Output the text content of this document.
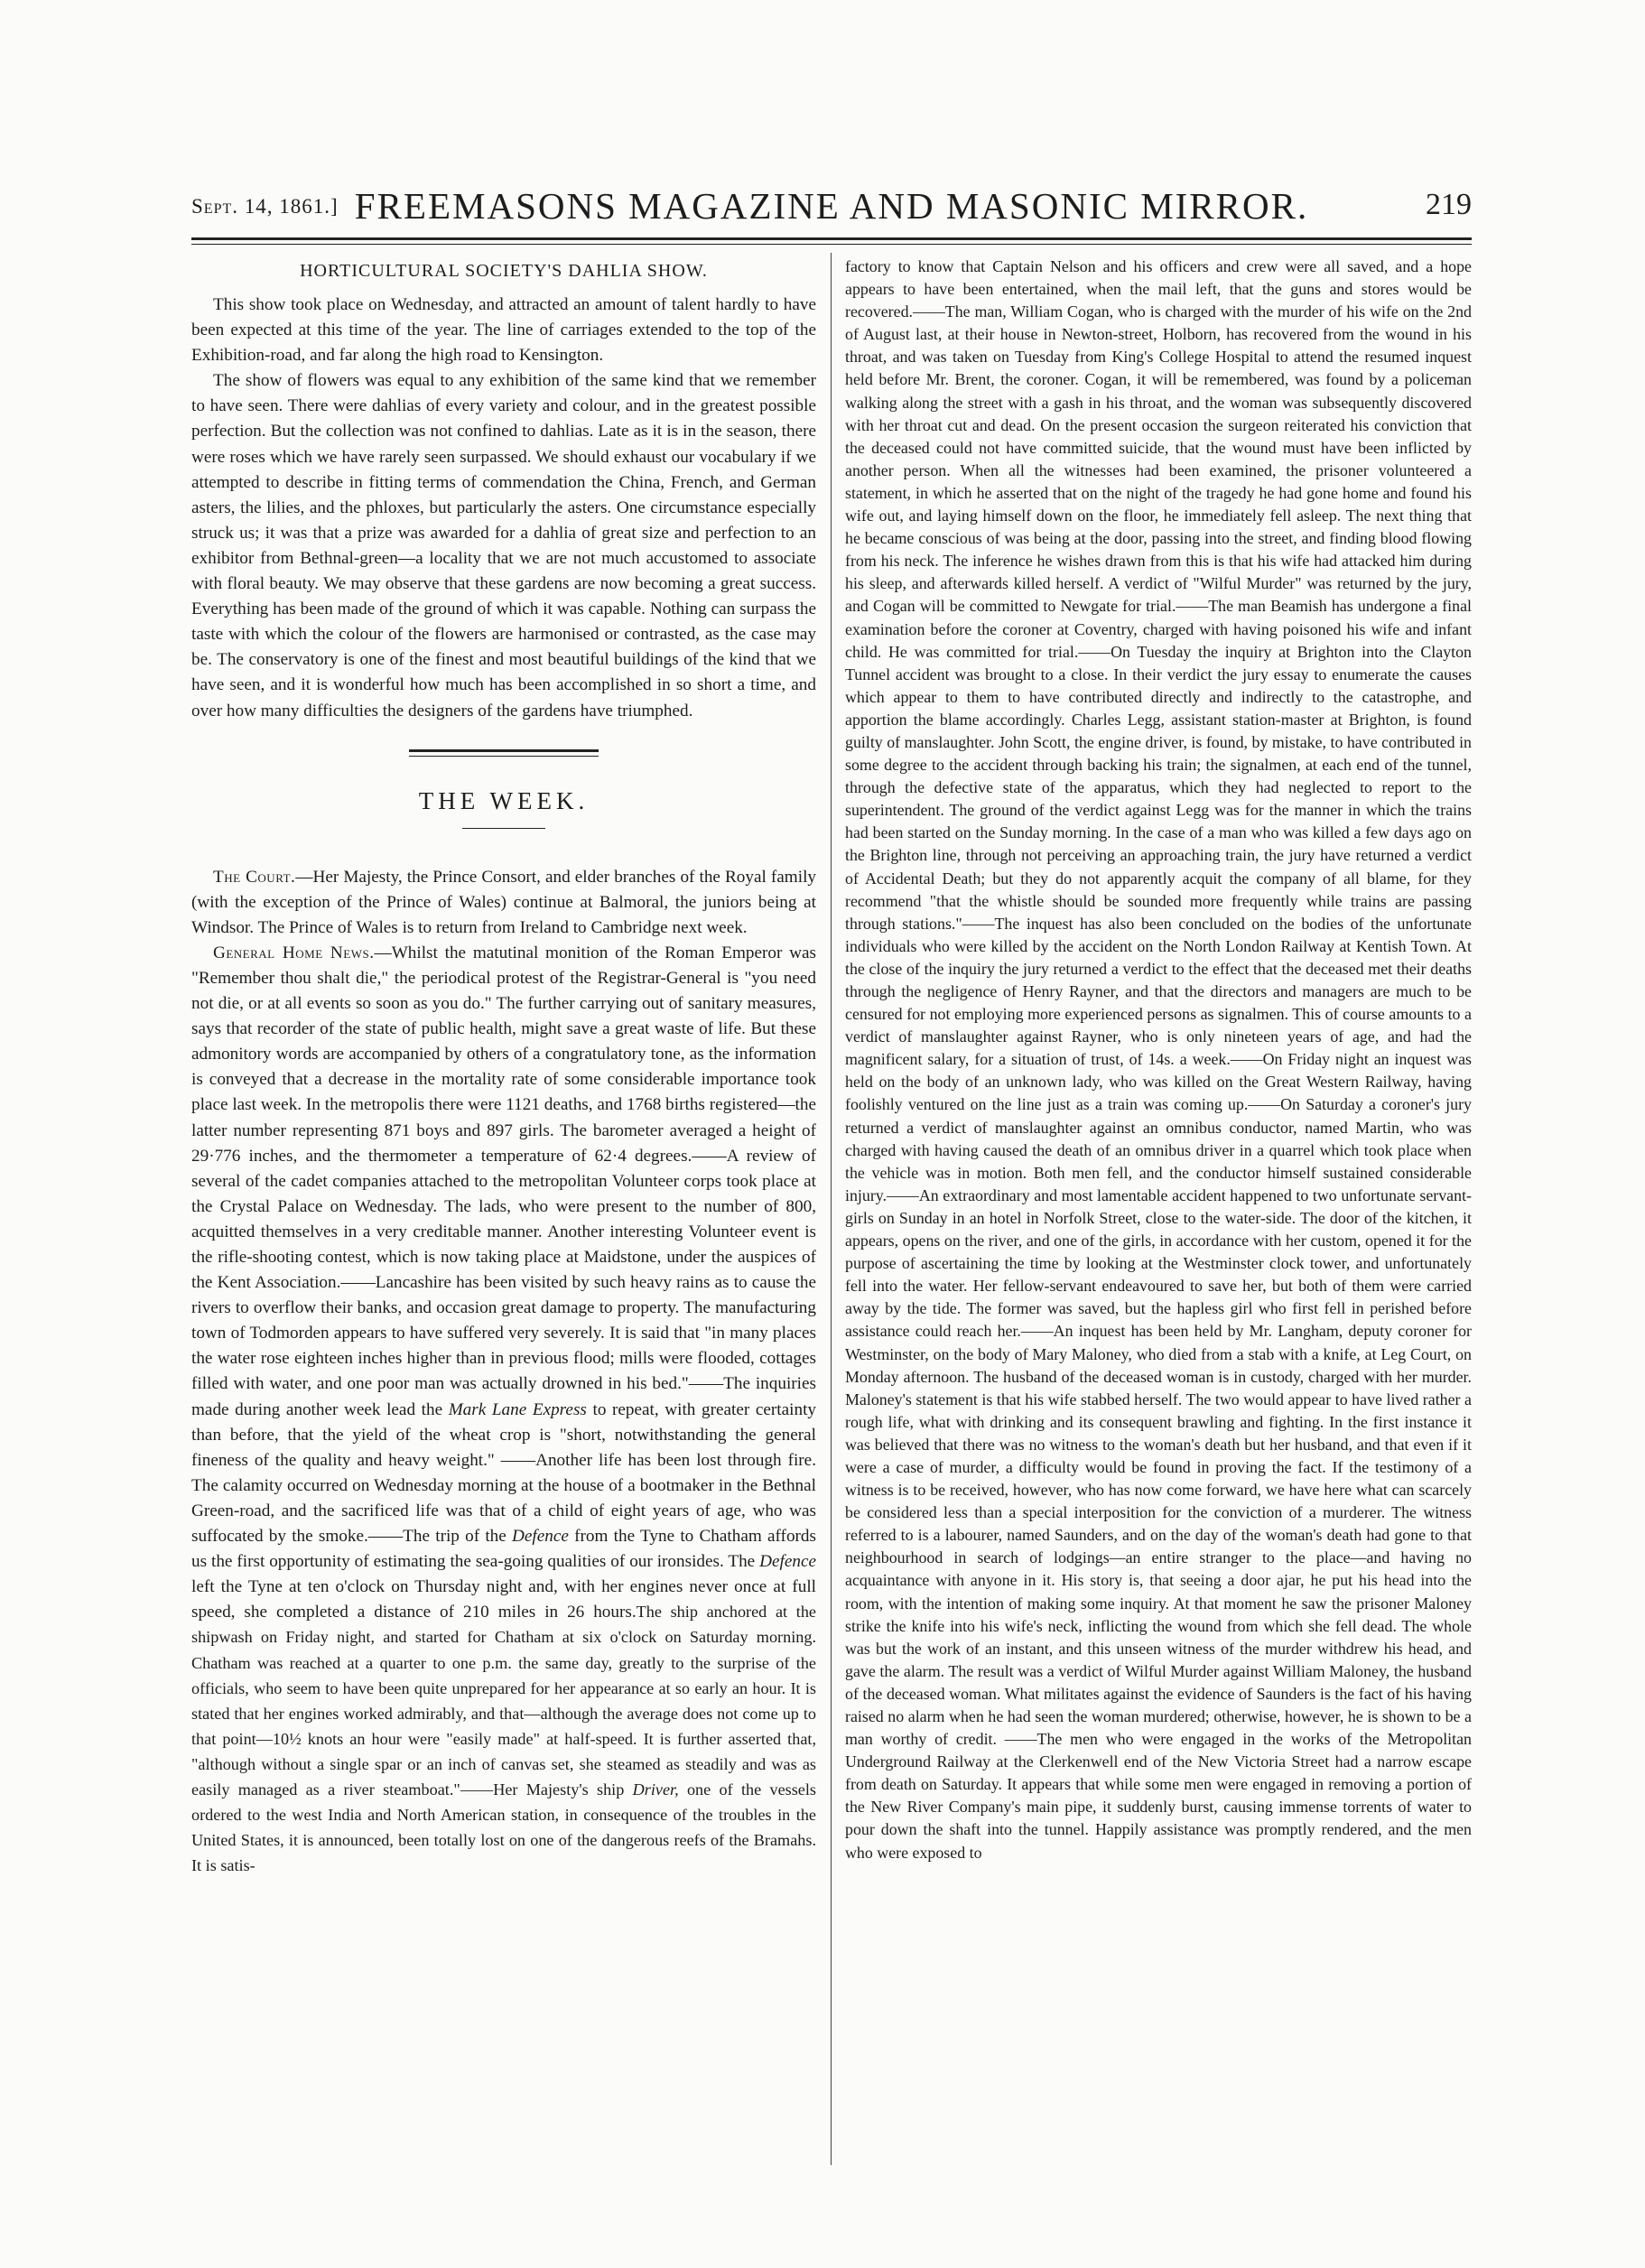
Sept. 14, 1861.] FREEMASONS MAGAZINE AND MASONIC MIRROR.	219
HORTICULTURAL SOCIETY'S DAHLIA SHOW.

This show took place on Wednesday, and attracted an amount of talent hardly to have been expected at this time of the year. The line of carriages extended to the top of the Exhibition-road, and far along the high road to Kensington.

The show of flowers was equal to any exhibition of the same kind that we remember to have seen. There were dahlias of every variety and colour, and in the greatest possible perfection. But the collection was not confined to dahlias. Late as it is in the season, there were roses which we have rarely seen surpassed. We should exhaust our vocabulary if we attempted to describe in fitting terms of commendation the China, French, and German asters, the lilies, and the phloxes, but particularly the asters. One circumstance especially struck us; it was that a prize was awarded for a dahlia of great size and perfection to an exhibitor from Bethnal-green—a locality that we are not much accustomed to associate with floral beauty. We may observe that these gardens are now becoming a great success. Everything has been made of the ground of which it was capable. Nothing can surpass the taste with which the colour of the flowers are harmonised or contrasted, as the case may be. The conservatory is one of the finest and most beautiful buildings of the kind that we have seen, and it is wonderful how much has been accomplished in so short a time, and over how many difficulties the designers of the gardens have triumphed.

THE WEEK.

The Court.—Her Majesty, the Prince Consort, and elder branches of the Royal family (with the exception of the Prince of Wales) continue at Balmoral, the juniors being at Windsor. The Prince of Wales is to return from Ireland to Cambridge next week.

General Home News.—Whilst the matutinal monition of the Roman Emperor was "Remember thou shalt die," the periodical protest of the Registrar-General is "you need not die, or at all events so soon as you do." The further carrying out of sanitary measures, says that recorder of the state of public health, might save a great waste of life. But these admonitory words are accompanied by others of a congratulatory tone, as the information is conveyed that a decrease in the mortality rate of some considerable importance took place last week. In the metropolis there were 1121 deaths, and 1768 births registered—the latter number representing 871 boys and 897 girls. The barometer averaged a height of 29·776 inches, and the thermometer a temperature of 62·4 degrees.——A review of several of the cadet companies attached to the metropolitan Volunteer corps took place at the Crystal Palace on Wednesday. The lads, who were present to the number of 800, acquitted themselves in a very creditable manner. Another interesting Volunteer event is the rifle-shooting contest, which is now taking place at Maidstone, under the auspices of the Kent Association.——Lancashire has been visited by such heavy rains as to cause the rivers to overflow their banks, and occasion great damage to property. The manufacturing town of Todmorden appears to have suffered very severely. It is said that "in many places the water rose eighteen inches higher than in previous flood; mills were flooded, cottages filled with water, and one poor man was actually drowned in his bed."——The inquiries made during another week lead the Mark Lane Express to repeat, with greater certainty than before, that the yield of the wheat crop is "short, notwithstanding the general fineness of the quality and heavy weight." ——Another life has been lost through fire. The calamity occurred on Wednesday morning at the house of a bootmaker in the Bethnal Green-road, and the sacrificed life was that of a child of eight years of age, who was suffocated by the smoke.——The trip of the Defence from the Tyne to Chatham affords us the first opportunity of estimating the sea-going qualities of our ironsides. The Defence left the Tyne at ten o'clock on Thursday night and, with her engines never once at full speed, she completed a distance of 210 miles in 26 hours.The ship anchored at the shipwash on Friday night, and started for Chatham at six o'clock on Saturday morning. Chatham was reached at a quarter to one p.m. the same day, greatly to the surprise of the officials, who seem to have been quite unprepared for her appearance at so early an hour. It is stated that her engines worked admirably, and that—although the average does not come up to that point—10½ knots an hour were "easily made" at half-speed. It is further asserted that, "although without a single spar or an inch of canvas set, she steamed as steadily and was as easily managed as a river steamboat."——Her Majesty's ship Driver, one of the vessels ordered to the west India and North American station, in consequence of the troubles in the United States, it is announced, been totally lost on one of the dangerous reefs of the Bramahs. It is satis-

factory to know that Captain Nelson and his officers and crew were all saved, and a hope appears to have been entertained, when the mail left, that the guns and stores would be recovered.——The man, William Cogan, who is charged with the murder of his wife on the 2nd of August last, at their house in Newton-street, Holborn, has recovered from the wound in his throat, and was taken on Tuesday from King's College Hospital to attend the resumed inquest held before Mr. Brent, the coroner. Cogan, it will be remembered, was found by a policeman walking along the street with a gash in his throat, and the woman was subsequently discovered with her throat cut and dead. On the present occasion the surgeon reiterated his conviction that the deceased could not have committed suicide, that the wound must have been inflicted by another person. When all the witnesses had been examined, the prisoner volunteered a statement, in which he asserted that on the night of the tragedy he had gone home and found his wife out, and laying himself down on the floor, he immediately fell asleep. The next thing that he became conscious of was being at the door, passing into the street, and finding blood flowing from his neck. The inference he wishes drawn from this is that his wife had attacked him during his sleep, and afterwards killed herself. A verdict of "Wilful Murder" was returned by the jury, and Cogan will be committed to Newgate for trial.——The man Beamish has undergone a final examination before the coroner at Coventry, charged with having poisoned his wife and infant child. He was committed for trial.——On Tuesday the inquiry at Brighton into the Clayton Tunnel accident was brought to a close. In their verdict the jury essay to enumerate the causes which appear to them to have contributed directly and indirectly to the catastrophe, and apportion the blame accordingly. Charles Legg, assistant station-master at Brighton, is found guilty of manslaughter. John Scott, the engine driver, is found, by mistake, to have contributed in some degree to the accident through backing his train; the signalmen, at each end of the tunnel, through the defective state of the apparatus, which they had neglected to report to the superintendent. The ground of the verdict against Legg was for the manner in which the trains had been started on the Sunday morning. In the case of a man who was killed a few days ago on the Brighton line, through not perceiving an approaching train, the jury have returned a verdict of Accidental Death; but they do not apparently acquit the company of all blame, for they recommend "that the whistle should be sounded more frequently while trains are passing through stations."——The inquest has also been concluded on the bodies of the unfortunate individuals who were killed by the accident on the North London Railway at Kentish Town. At the close of the inquiry the jury returned a verdict to the effect that the deceased met their deaths through the negligence of Henry Rayner, and that the directors and managers are much to be censured for not employing more experienced persons as signalmen. This of course amounts to a verdict of manslaughter against Rayner, who is only nineteen years of age, and had the magnificent salary, for a situation of trust, of 14s. a week.——On Friday night an inquest was held on the body of an unknown lady, who was killed on the Great Western Railway, having foolishly ventured on the line just as a train was coming up.——On Saturday a coroner's jury returned a verdict of manslaughter against an omnibus conductor, named Martin, who was charged with having caused the death of an omnibus driver in a quarrel which took place when the vehicle was in motion. Both men fell, and the conductor himself sustained considerable injury.——An extraordinary and most lamentable accident happened to two unfortunate servant-girls on Sunday in an hotel in Norfolk Street, close to the water-side. The door of the kitchen, it appears, opens on the river, and one of the girls, in accordance with her custom, opened it for the purpose of ascertaining the time by looking at the Westminster clock tower, and unfortunately fell into the water. Her fellow-servant endeavoured to save her, but both of them were carried away by the tide. The former was saved, but the hapless girl who first fell in perished before assistance could reach her.——An inquest has been held by Mr. Langham, deputy coroner for Westminster, on the body of Mary Maloney, who died from a stab with a knife, at Leg Court, on Monday afternoon. The husband of the deceased woman is in custody, charged with her murder. Maloney's statement is that his wife stabbed herself. The two would appear to have lived rather a rough life, what with drinking and its consequent brawling and fighting. In the first instance it was believed that there was no witness to the woman's death but her husband, and that even if it were a case of murder, a difficulty would be found in proving the fact. If the testimony of a witness is to be received, however, who has now come forward, we have here what can scarcely be considered less than a special interposition for the conviction of a murderer. The witness referred to is a labourer, named Saunders, and on the day of the woman's death had gone to that neighbourhood in search of lodgings—an entire stranger to the place—and having no acquaintance with anyone in it. His story is, that seeing a door ajar, he put his head into the room, with the intention of making some inquiry. At that moment he saw the prisoner Maloney strike the knife into his wife's neck, inflicting the wound from which she fell dead. The whole was but the work of an instant, and this unseen witness of the murder withdrew his head, and gave the alarm. The result was a verdict of Wilful Murder against William Maloney, the husband of the deceased woman. What militates against the evidence of Saunders is the fact of his having raised no alarm when he had seen the woman murdered; otherwise, however, he is shown to be a man worthy of credit. ——The men who were engaged in the works of the Metropolitan Underground Railway at the Clerkenwell end of the New Victoria Street had a narrow escape from death on Saturday. It appears that while some men were engaged in removing a portion of the New River Company's main pipe, it suddenly burst, causing immense torrents of water to pour down the shaft into the tunnel. Happily assistance was promptly rendered, and the men who were exposed to
